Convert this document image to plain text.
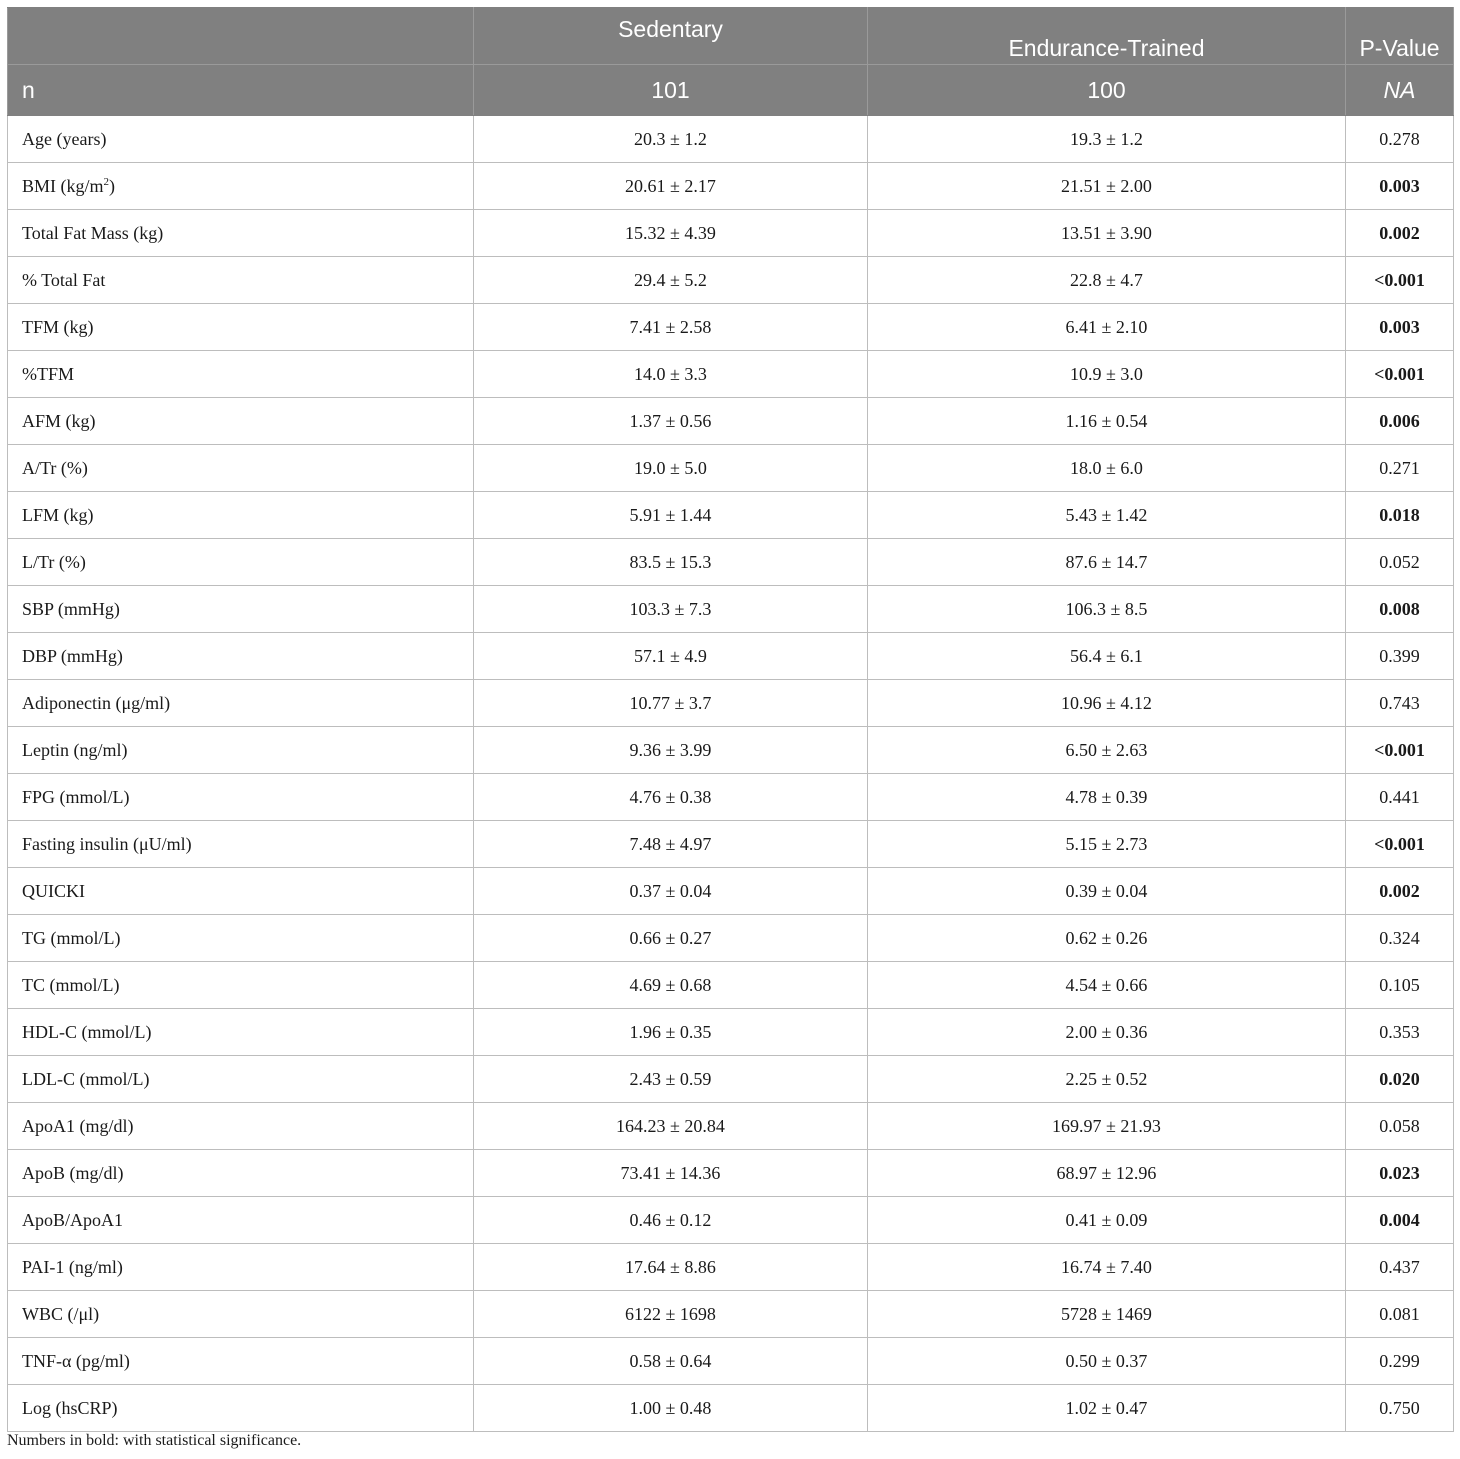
	Sedentary	Endurance-Trained	P-Value
n	101	100	NA
Age (years)	20.3 ± 1.2	19.3 ± 1.2	0.278
BMI $(kg/m^2)$	20.61 ± 2.17	21.51 ± 2.00	0.003
Total Fat Mass (kg)	15.32 ± 4.39	13.51 ± 3.90	0.002
% Total Fat	29.4 ± 5.2	22.8 ± 4.7	<0.001
TFM (kg)	7.41 ± 2.58	6.41 ± 2.10	0.003
%TFM	14.0 ± 3.3	10.9 ± 3.0	<0.001
AFM (kg)	1.37 ± 0.56	1.16 ± 0.54	0.006
A/Tr (%)	19.0 ± 5.0	18.0 ± 6.0	0.271
LFM (kg)	5.91 ± 1.44	5.43 ± 1.42	0.018
L/Tr (%)	83.5 ± 15.3	87.6 ± 14.7	0.052
SBP (mmHg)	103.3 ± 7.3	106.3 ± 8.5	0.008
DBP (mmHg)	57.1 ± 4.9	56.4 ± 6.1	0.399
Adiponectin (μg/ml)	10.77 ± 3.7	10.96 ± 4.12	0.743
Leptin (ng/ml)	9.36 ± 3.99	6.50 ± 2.63	<0.001
FPG (mmol/L)	4.76 ± 0.38	4.78 ± 0.39	0.441
Fasting insulin (μU/ml)	7.48 ± 4.97	5.15 ± 2.73	<0.001
QUICKI	0.37 ± 0.04	0.39 ± 0.04	0.002
TG (mmol/L)	0.66 ± 0.27	0.62 ± 0.26	0.324
TC (mmol/L)	4.69 ± 0.68	4.54 ± 0.66	0.105
HDL-C (mmol/L)	1.96 ± 0.35	2.00 ± 0.36	0.353
LDL-C (mmol/L)	2.43 ± 0.59	2.25 ± 0.52	0.020
ApoA1 (mg/dl)	164.23 ± 20.84	169.97 ± 21.93	0.058
ApoB (mg/dl)	73.41 ± 14.36	68.97 ± 12.96	0.023
ApoB/ApoA1	0.46 ± 0.12	0.41 ± 0.09	0.004
PAI-1 (ng/ml)	17.64 ± 8.86	16.74 ± 7.40	0.437
WBC (/μl)	6122 ± 1698	5728 ± 1469	0.081
TNF-α (pg/ml)	0.58 ± 0.64	0.50 ± 0.37	0.299
Log (hsCRP)	1.00 ± 0.48	1.02 ± 0.47	0.750
Numbers in bold: with statistical significance.
